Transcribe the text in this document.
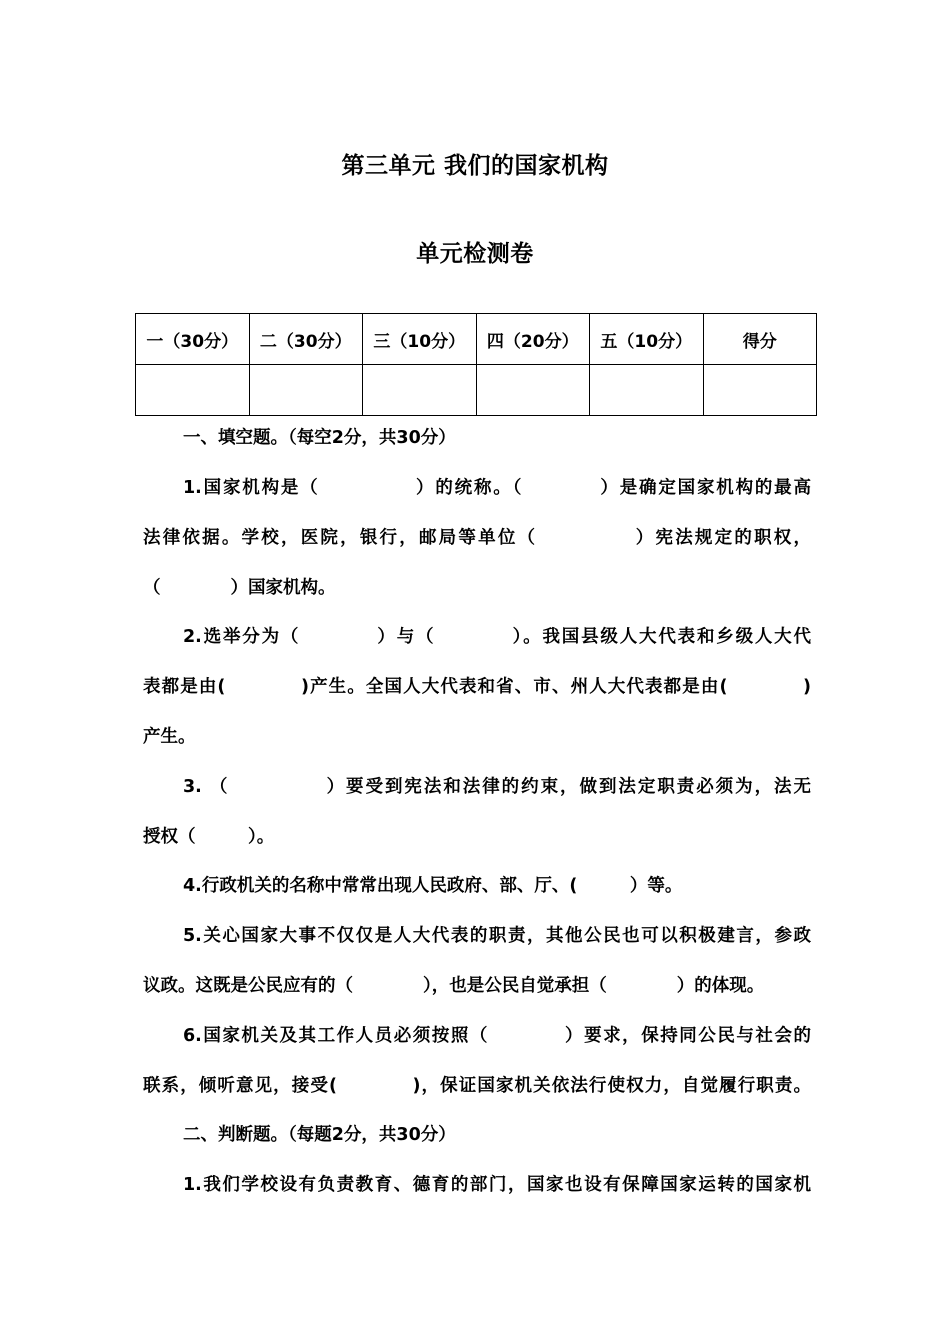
第三单元 我们的国家机构
单元检测卷
一（30分）	二（30分）	三（10分）	四（20分）	五（10分）	得分

一、填空题。（每空2分，共30分）
1.国家机构是（　　　　　）的统称。（　　　　）是确定国家机构的最高
法律依据。学校，医院，银行，邮局等单位（　　　　　）宪法规定的职权，
（　　　　）国家机构。
2.选举分为（　　　　）与（　　　　）。我国县级人大代表和乡级人大代
表都是由(　　　　)产生。全国人大代表和省、市、州人大代表都是由(　　　　)
产生。
3. （　　　　　）要受到宪法和法律的约束，做到法定职责必须为，法无
授权（　　　）。
4.行政机关的名称中常常出现人民政府、部、厅、(　　　）等。
5.关心国家大事不仅仅是人大代表的职责，其他公民也可以积极建言，参政
议政。这既是公民应有的（　　　　），也是公民自觉承担（　　　　）的体现。
6.国家机关及其工作人员必须按照（　　　　）要求，保持同公民与社会的
联系，倾听意见，接受(　　　　)，保证国家机关依法行使权力，自觉履行职责。
二、判断题。（每题2分，共30分）
1.我们学校设有负责教育、德育的部门，国家也设有保障国家运转的国家机
